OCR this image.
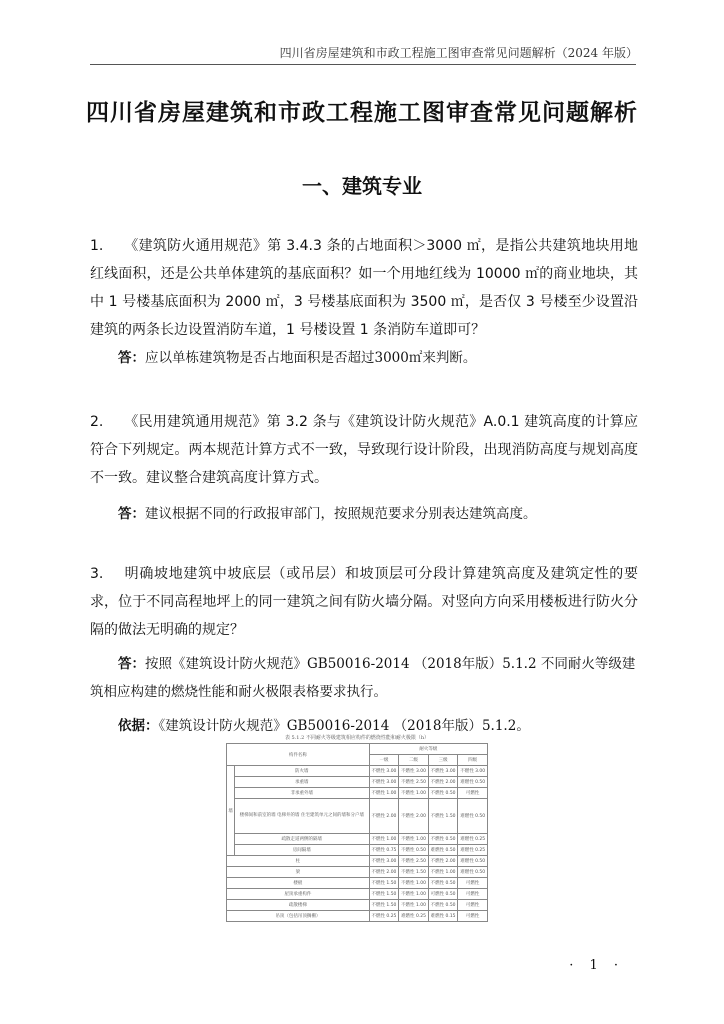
四川省房屋建筑和市政工程施工图审查常见问题解析（2024 年版）
四川省房屋建筑和市政工程施工图审查常见问题解析
一、建筑专业

1. 《建筑防火通用规范》第 3.4.3 条的占地面积＞3000 ㎡，是指公共建筑地块用地红线面积，还是公共单体建筑的基底面积？如一个用地红线为 10000 ㎡的商业地块，其中 1 号楼基底面积为 2000 ㎡，3 号楼基底面积为 3500 ㎡，是否仅 3 号楼至少设置沿建筑的两条长边设置消防车道，1 号楼设置 1 条消防车道即可？

答：应以单栋建筑物是否占地面积是否超过3000㎡来判断。

2. 《民用建筑通用规范》第 3.2 条与《建筑设计防火规范》A.0.1 建筑高度的计算应符合下列规定。两本规范计算方式不一致，导致现行设计阶段，出现消防高度与规划高度不一致。建议整合建筑高度计算方式。

答：建议根据不同的行政报审部门，按照规范要求分别表达建筑高度。

3. 明确坡地建筑中坡底层（或吊层）和坡顶层可分段计算建筑高度及建筑定性的要求，位于不同高程地坪上的同一建筑之间有防火墙分隔。对竖向方向采用楼板进行防火分隔的做法无明确的规定？

答：按照《建筑设计防火规范》GB50016-2014 （2018年版）5.1.2 不同耐火等级建筑相应构建的燃烧性能和耐火极限表格要求执行。

依据：《建筑设计防火规范》GB50016-2014 （2018年版）5.1.2。
表 5.1.2 不同耐火等级建筑相应构件的燃烧性能和耐火极限（h）
构件名称		耐火等级			
		一级	二级	三级	四级
墙	防火墙	不燃性 3.00	不燃性 3.00	不燃性 3.00	不燃性 3.00
	承重墙	不燃性 3.00	不燃性 2.50	不燃性 2.00	难燃性 0.50
	非承重外墙	不燃性 1.00	不燃性 1.00	不燃性 0.50	可燃性
	楼梯间和前室的墙 电梯井的墙 住宅建筑单元之间的墙和分户墙	不燃性 2.00	不燃性 2.00	不燃性 1.50	难燃性 0.50
	疏散走道两侧的隔墙	不燃性 1.00	不燃性 1.00	不燃性 0.50	难燃性 0.25
	房间隔墙	不燃性 0.75	不燃性 0.50	难燃性 0.50	难燃性 0.25
柱		不燃性 3.00	不燃性 2.50	不燃性 2.00	难燃性 0.50
梁		不燃性 2.00	不燃性 1.50	不燃性 1.00	难燃性 0.50
楼板		不燃性 1.50	不燃性 1.00	不燃性 0.50	可燃性
屋顶承重构件		不燃性 1.50	不燃性 1.00	可燃性 0.50	可燃性
疏散楼梯		不燃性 1.50	不燃性 1.00	不燃性 0.50	可燃性
吊顶（包括吊顶搁栅）		不燃性 0.25	难燃性 0.25	难燃性 0.15	可燃性
· 1 ·
